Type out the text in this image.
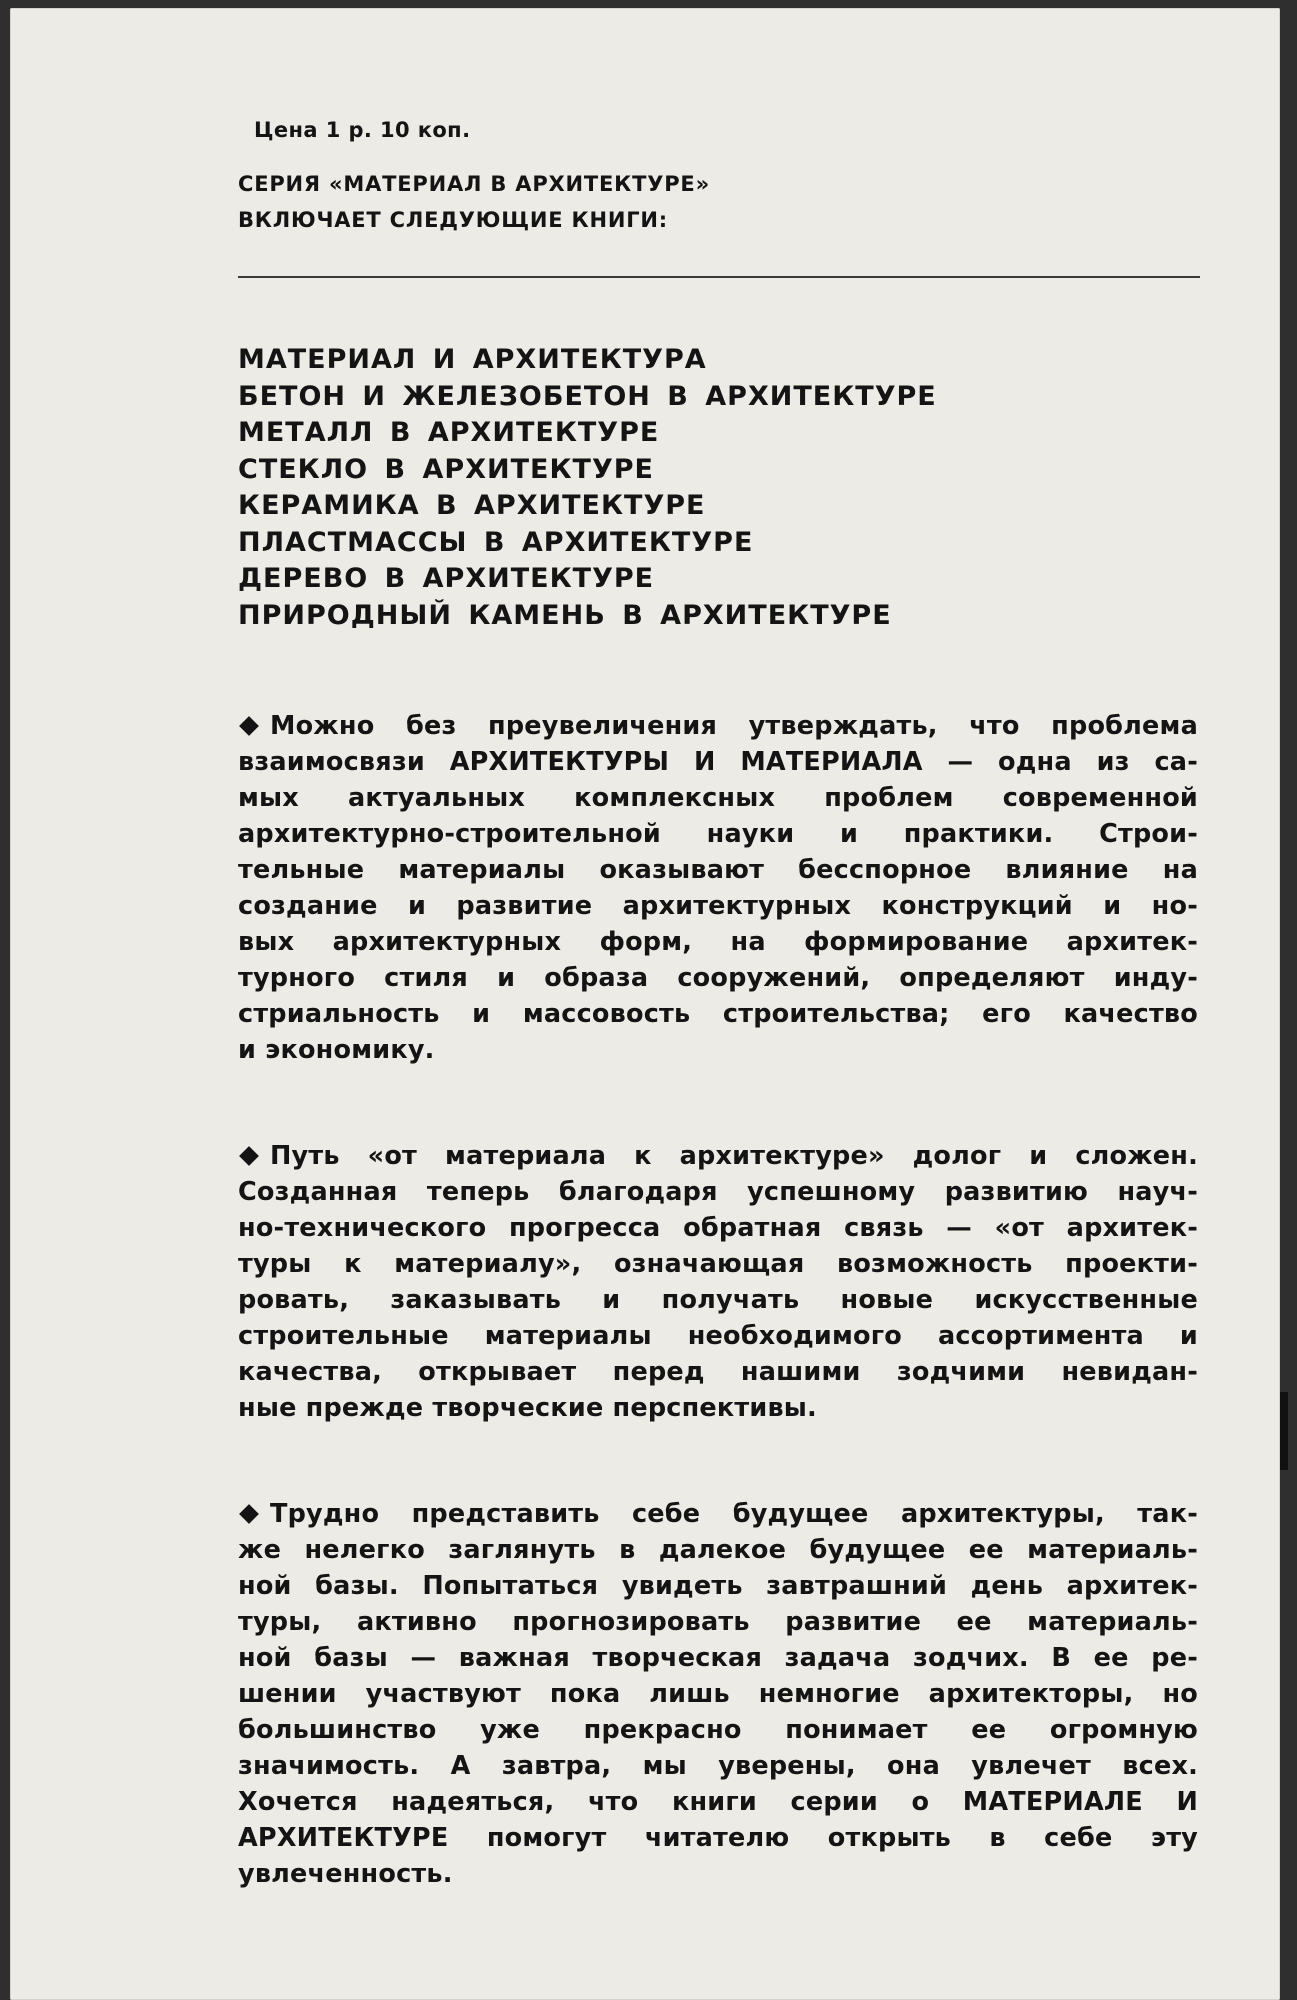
Цена 1 р. 10 коп.
СЕРИЯ «МАТЕРИАЛ В АРХИТЕКТУРЕ»
ВКЛЮЧАЕТ СЛЕДУЮЩИЕ КНИГИ:
МАТЕРИАЛ И АРХИТЕКТУРА
БЕТОН И ЖЕЛЕЗОБЕТОН В АРХИТЕКТУРЕ
МЕТАЛЛ В АРХИТЕКТУРЕ
СТЕКЛО В АРХИТЕКТУРЕ
КЕРАМИКА В АРХИТЕКТУРЕ
ПЛАСТМАССЫ В АРХИТЕКТУРЕ
ДЕРЕВО В АРХИТЕКТУРЕ
ПРИРОДНЫЙ КАМЕНЬ В АРХИТЕКТУРЕ
Можно без преувеличения утверждать, что проблема
взаимосвязи АРХИТЕКТУРЫ И МАТЕРИАЛА — одна из са-
мых актуальных комплексных проблем современной
архитектурно-строительной науки и практики. Строи-
тельные материалы оказывают бесспорное влияние на
создание и развитие архитектурных конструкций и но-
вых архитектурных форм, на формирование архитек-
турного стиля и образа сооружений, определяют инду-
стриальность и массовость строительства; его качество
и экономику.
Путь «от материала к архитектуре» долог и сложен.
Созданная теперь благодаря успешному развитию науч-
но-технического прогресса обратная связь — «от архитек-
туры к материалу», означающая возможность проекти-
ровать, заказывать и получать новые искусственные
строительные материалы необходимого ассортимента и
качества, открывает перед нашими зодчими невидан-
ные прежде творческие перспективы.
Трудно представить себе будущее архитектуры, так-
же нелегко заглянуть в далекое будущее ее материаль-
ной базы. Попытаться увидеть завтрашний день архитек-
туры, активно прогнозировать развитие ее материаль-
ной базы — важная творческая задача зодчих. В ее ре-
шении участвуют пока лишь немногие архитекторы, но
большинство уже прекрасно понимает ее огромную
значимость. А завтра, мы уверены, она увлечет всех.
Хочется надеяться, что книги серии о МАТЕРИАЛЕ И
АРХИТЕКТУРЕ помогут читателю открыть в себе эту
увлеченность.
